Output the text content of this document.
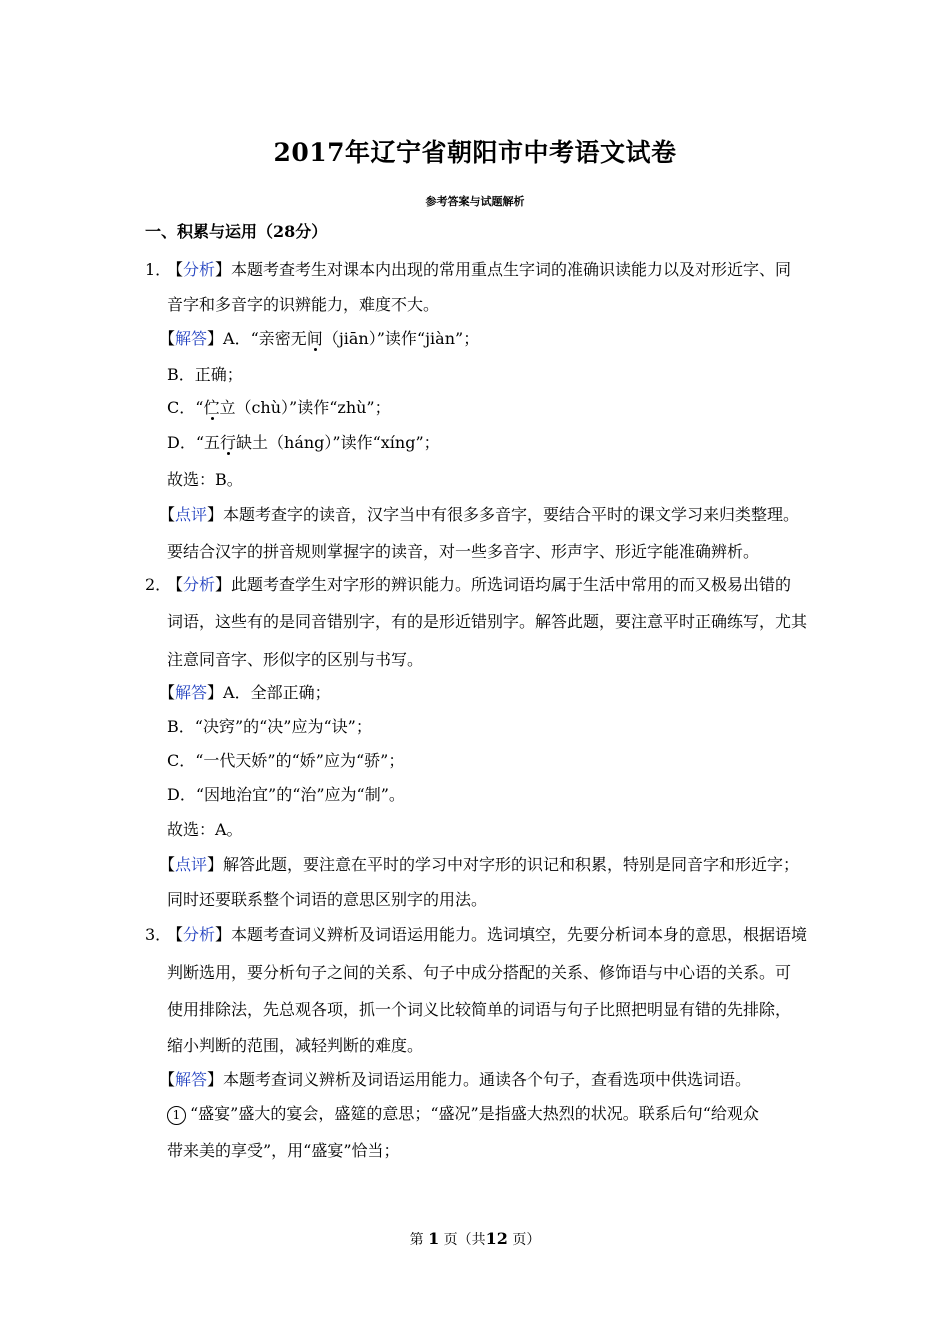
2017年辽宁省朝阳市中考语文试卷
参考答案与试题解析
一、积累与运用（28分）
1．【分析】本题考查考生对课本内出现的常用重点生字词的准确识读能力以及对形近字、同
音字和多音字的识辨能力，难度不大。
【解答】A．“亲密无间（jiān）”读作“jiàn”；
B．正确；
C．“伫立（chù）”读作“zhù”；
D．“五行缺土（háng）”读作“xíng”；
故选：B。
【点评】本题考查字的读音，汉字当中有很多多音字，要结合平时的课文学习来归类整理。
要结合汉字的拼音规则掌握字的读音，对一些多音字、形声字、形近字能准确辨析。
2．【分析】此题考查学生对字形的辨识能力。所选词语均属于生活中常用的而又极易出错的
词语，这些有的是同音错别字，有的是形近错别字。解答此题，要注意平时正确练写，尤其
注意同音字、形似字的区别与书写。
【解答】A．全部正确；
B．“决窍”的“决”应为“诀”；
C．“一代天娇”的“娇”应为“骄”；
D．“因地治宜”的“治”应为“制”。
故选：A。
【点评】解答此题，要注意在平时的学习中对字形的识记和积累，特别是同音字和形近字；
同时还要联系整个词语的意思区别字的用法。
3．【分析】本题考查词义辨析及词语运用能力。选词填空，先要分析词本身的意思，根据语境
判断选用，要分析句子之间的关系、句子中成分搭配的关系、修饰语与中心语的关系。可
使用排除法，先总观各项，抓一个词义比较简单的词语与句子比照把明显有错的先排除，
缩小判断的范围，减轻判断的难度。
【解答】本题考查词义辨析及词语运用能力。通读各个句子，查看选项中供选词语。
1 “盛宴”盛大的宴会，盛筵的意思；“盛况”是指盛大热烈的状况。联系后句“给观众
带来美的享受”，用“盛宴”恰当；
第 1 页（共12 页）
